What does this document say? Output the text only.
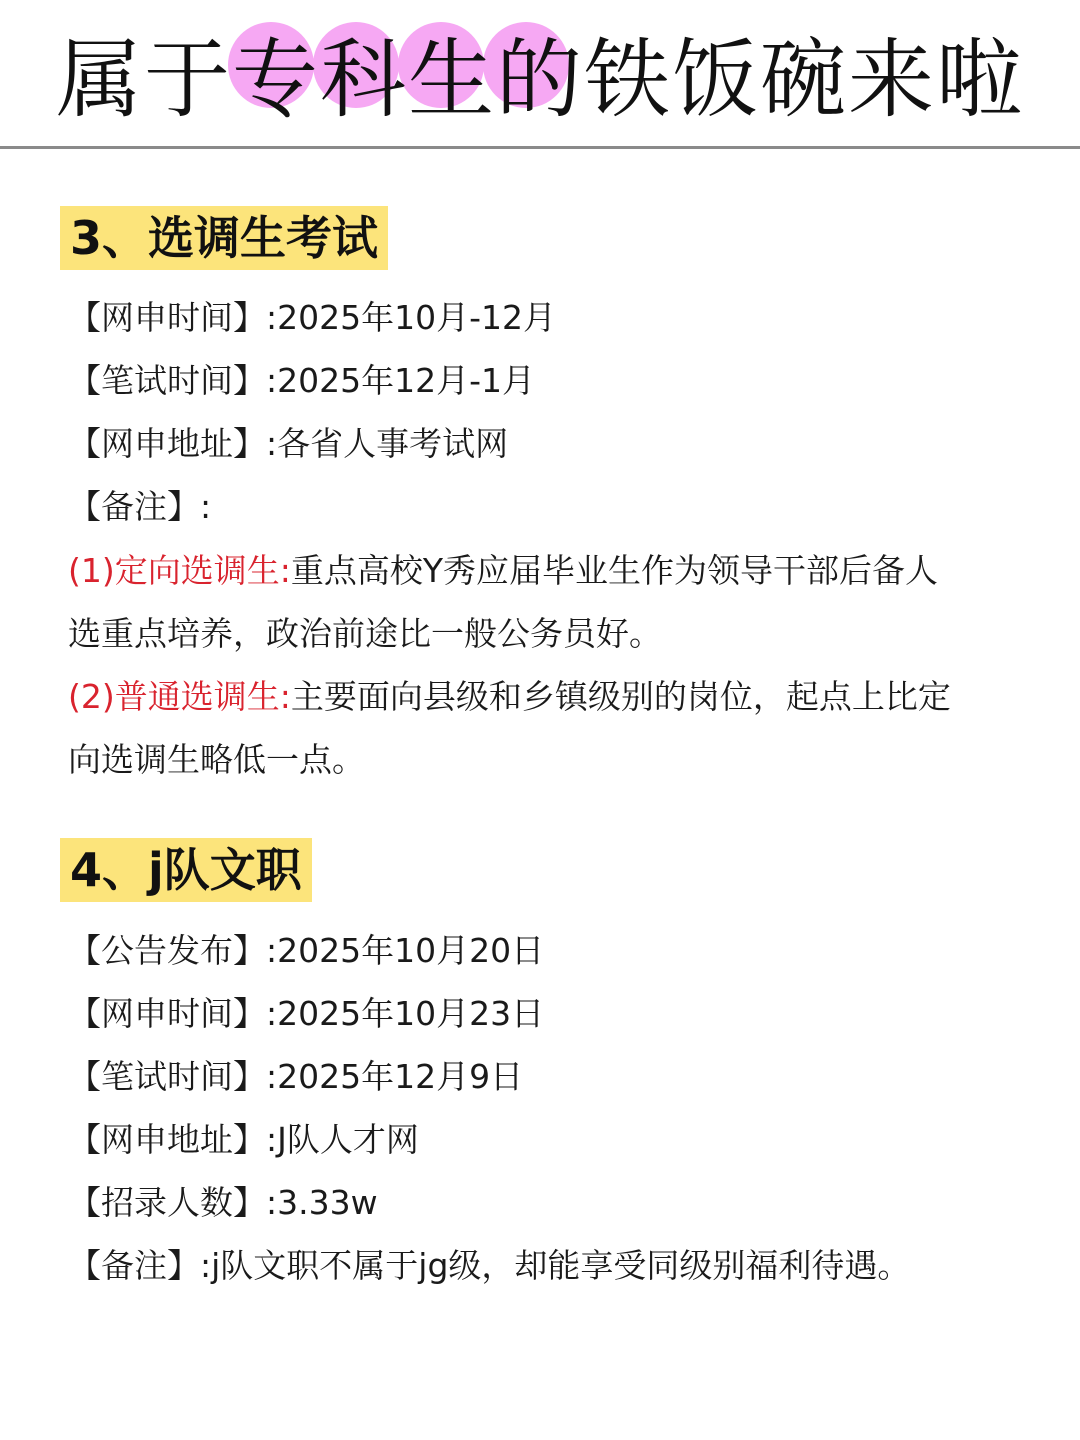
属于专科生的铁饭碗来啦
3、选调生考试
【网申时间】:2025年10月-12月
【笔试时间】:2025年12月-1月
【网申地址】:各省人事考试网
【备注】:
(1)定向选调生:重点高校Y秀应届毕业生作为领导干部后备人选重点培养，政治前途比一般公务员好。
(2)普通选调生:主要面向县级和乡镇级别的岗位，起点上比定向选调生略低一点。
4、j队文职
【公告发布】:2025年10月20日
【网申时间】:2025年10月23日
【笔试时间】:2025年12月9日
【网申地址】:J队人才网
【招录人数】:3.33w
【备注】:j队文职不属于jg级，却能享受同级别福利待遇。
